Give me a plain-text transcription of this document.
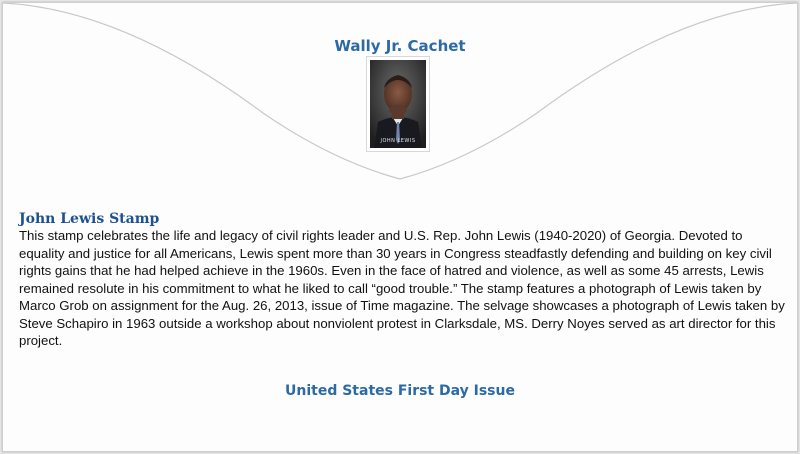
Wally Jr. Cachet
JOHN LEWIS
John Lewis Stamp
This stamp celebrates the life and legacy of civil rights leader and U.S. Rep. John Lewis (1940-2020) of Georgia. Devoted to equality and justice for all Americans, Lewis spent more than 30 years in Congress steadfastly defending and building on key civil rights gains that he had helped achieve in the 1960s. Even in the face of hatred and violence, as well as some 45 arrests, Lewis remained resolute in his commitment to what he liked to call “good trouble.” The stamp features a photograph of Lewis taken by Marco Grob on assignment for the Aug. 26, 2013, issue of Time magazine. The selvage showcases a photograph of Lewis taken by Steve Schapiro in 1963 outside a workshop about nonviolent protest in Clarksdale, MS. Derry Noyes served as art director for this project.
United States First Day Issue
